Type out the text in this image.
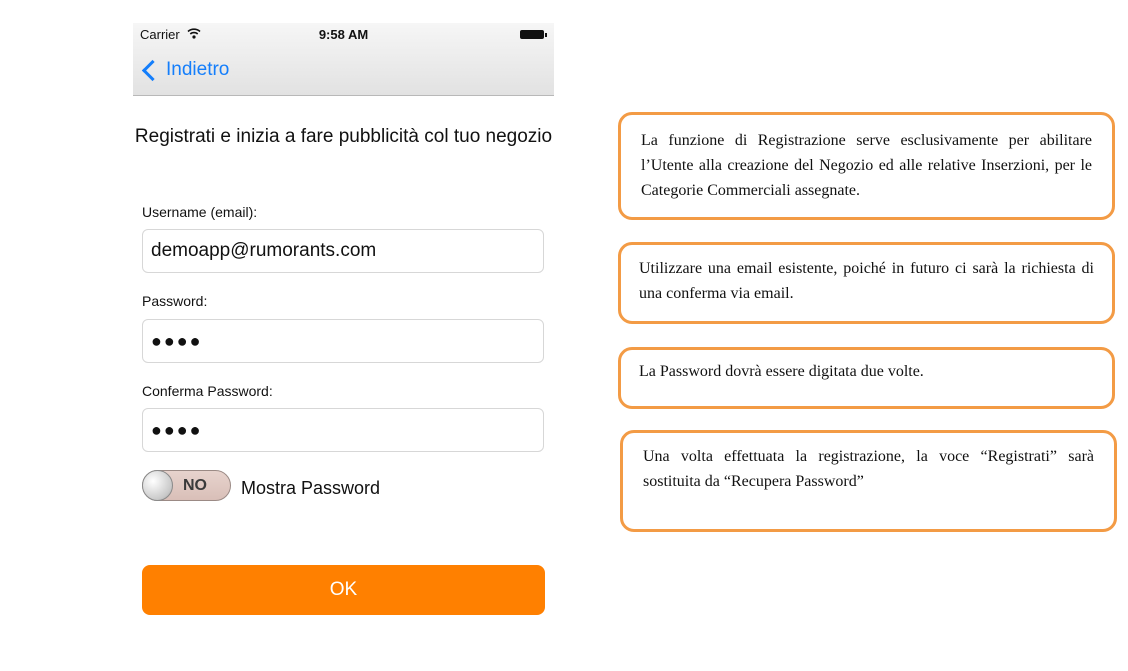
Carrier	9:58 AM
Indietro
Registrati e inizia a fare pubblicità col tuo negozio
Username (email):
demoapp@rumorants.com
Password:
●●●●
Conferma Password:
●●●●
NO Mostra Password
OK
La funzione di Registrazione serve esclusivamente per abilitare l’Utente alla creazione del Negozio ed alle relative Inserzioni, per le Categorie Commerciali assegnate.
Utilizzare una email esistente, poiché in futuro ci sarà la richiesta di una conferma via email.
La Password dovrà essere digitata due volte.
Una volta effettuata la registrazione, la voce “Registrati” sarà sostituita da “Recupera Password”
